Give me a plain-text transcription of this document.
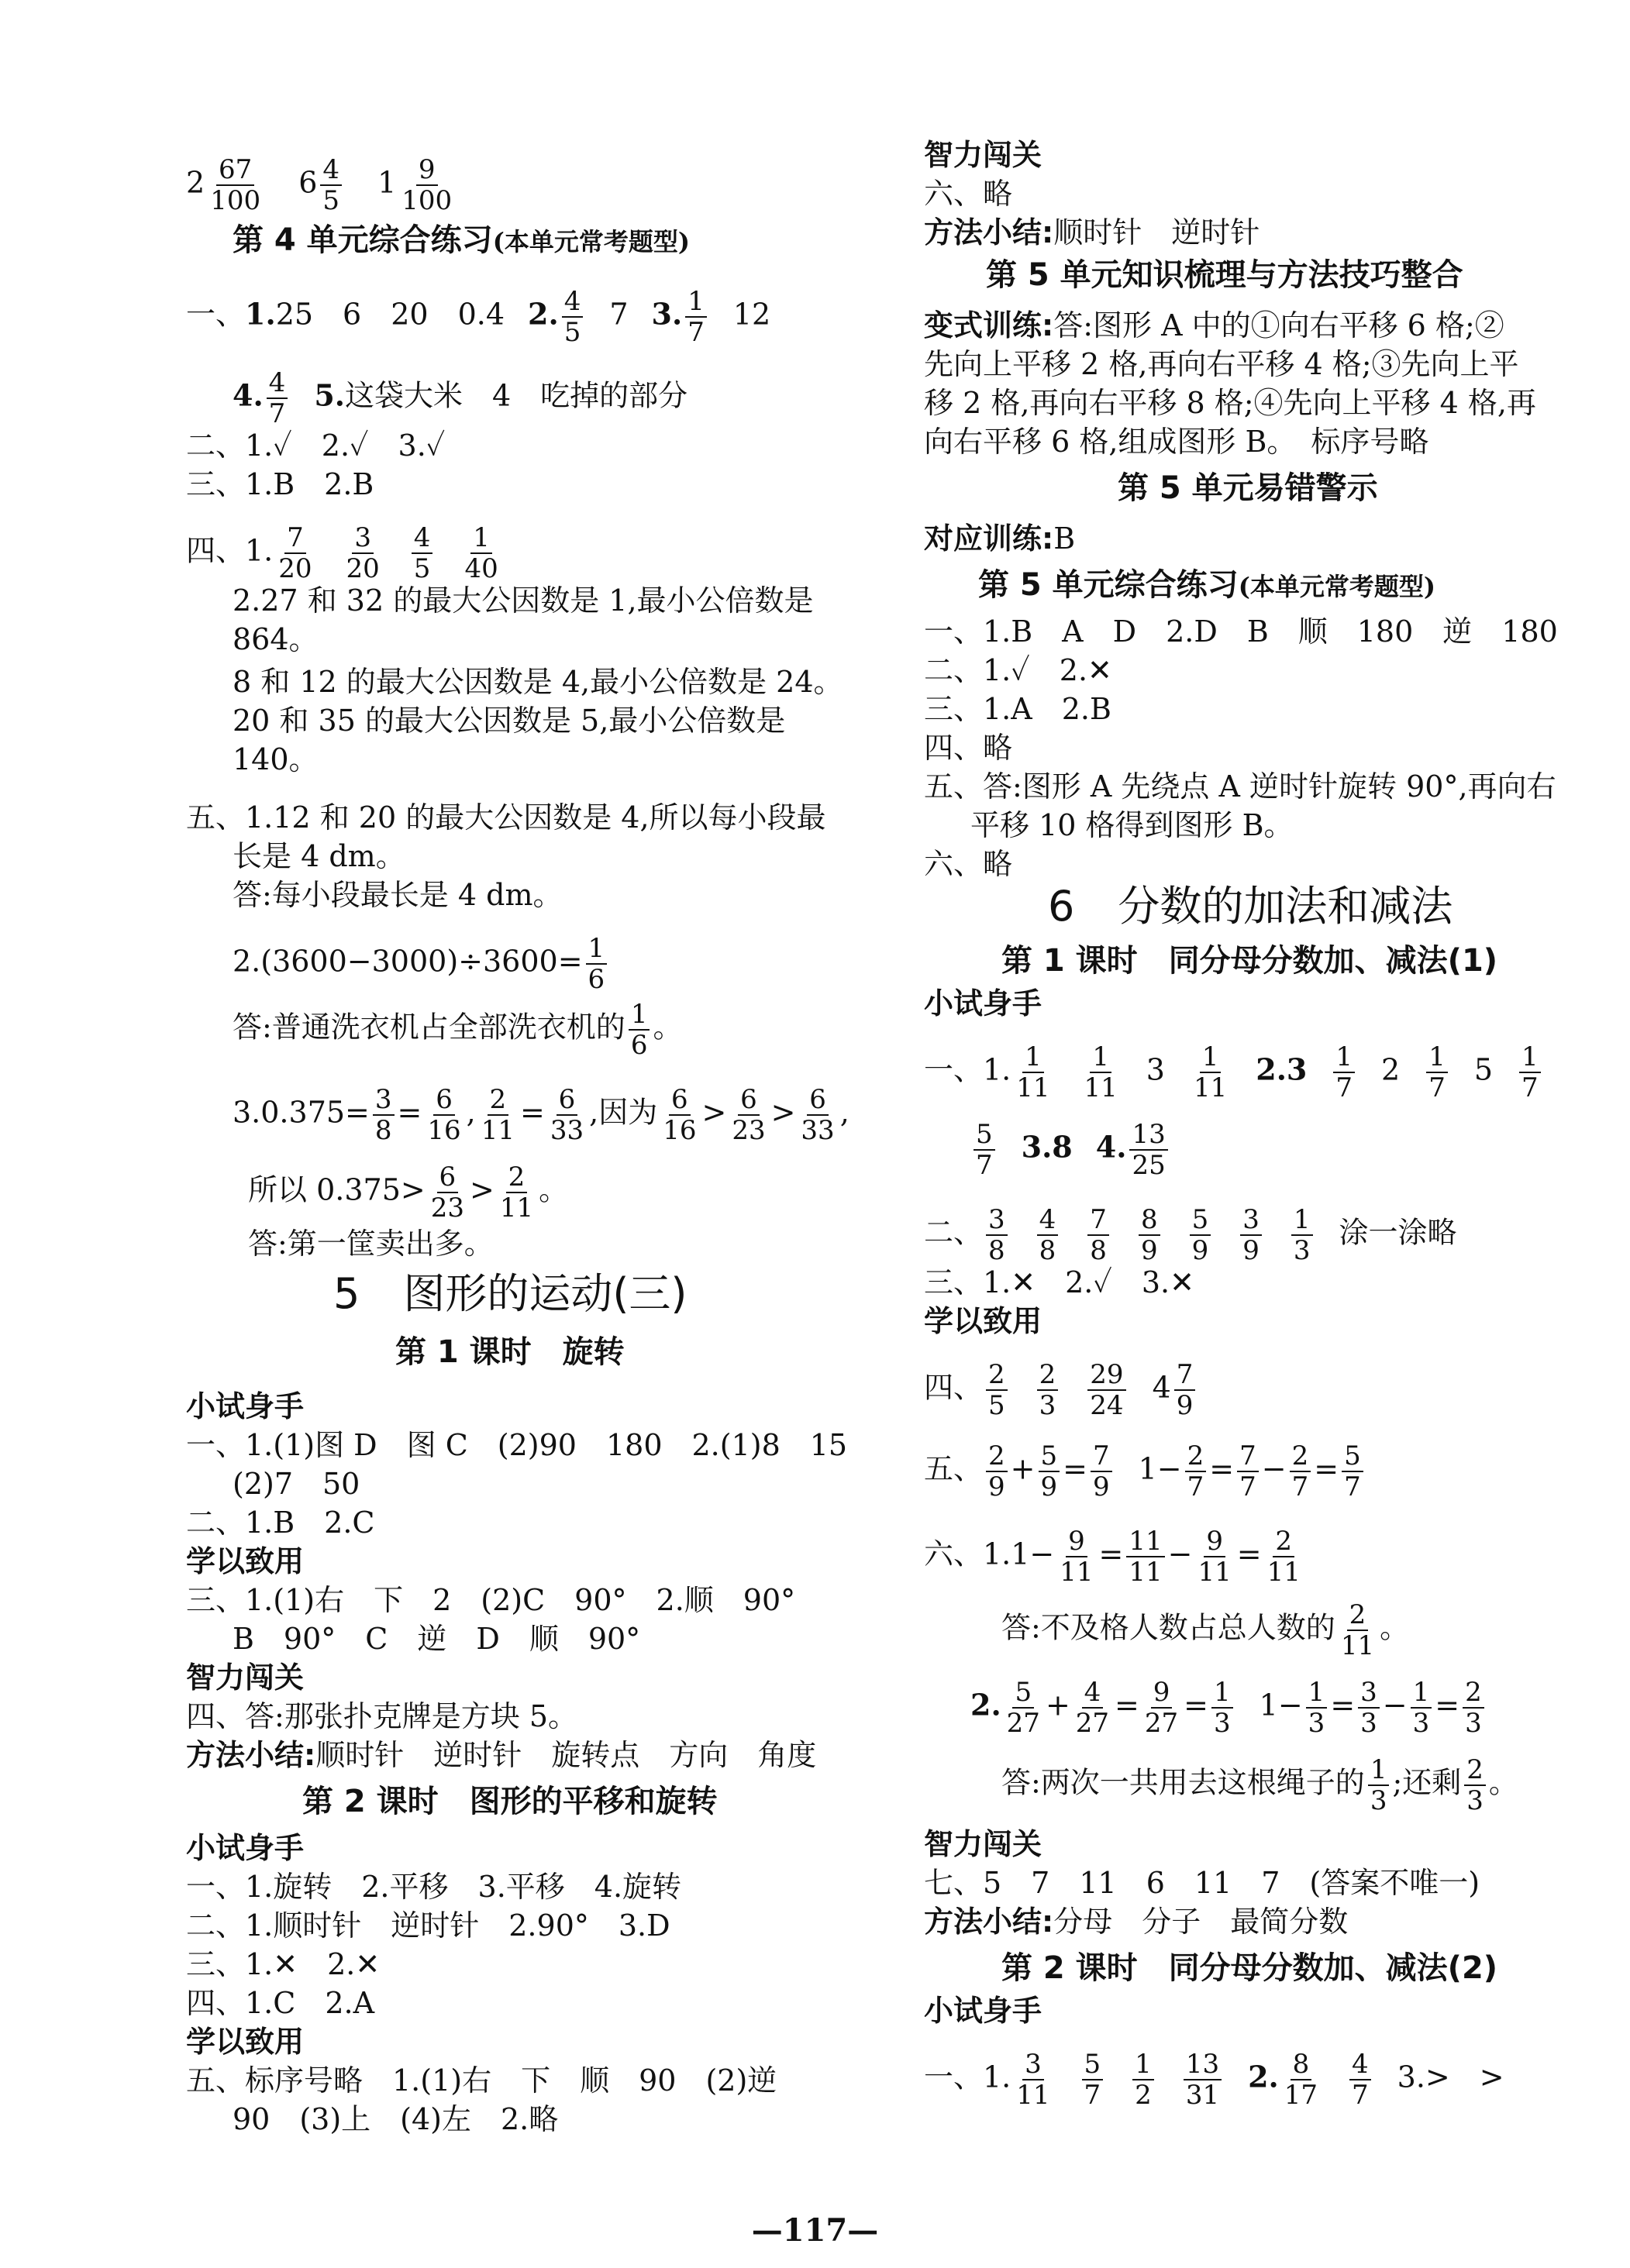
$2 \frac{67}{100} 6 \frac{4}{5} 1 \frac{9}{100}$
第 4 单元综合练习(本单元常考题型)
一、1.25　6　20　0.4 2. $\frac{4}{5} 7$ 3. $\frac{1}{7} 12$
4. $\frac{4}{7} 5$.这袋大米　4　吃掉的部分
二、1.✓　2.✓　3.✓
三、1.B　2.B
四、1. $\frac{7}{20} \frac{3}{20} \frac{4}{5} \frac{1}{40}$
2.27 和 32 的最大公因数是 1,最小公倍数是
864。
8 和 12 的最大公因数是 4,最小公倍数是 24。
20 和 35 的最大公因数是 5,最小公倍数是
140。
五、1.12 和 20 的最大公因数是 4,所以每小段最
长是 4 dm。
答:每小段最长是 4 dm。
$2.(3600-3000)\div 3600= \frac{1}{6}$
答:普通洗衣机占全部洗衣机的 $\frac{1}{6}$ 。
$3.0.375= \frac{3}{8} = \frac{6}{16}$ , $\frac{2}{11} = \frac{6}{33}$ ,因为 $\frac{6}{16} > \frac{6}{23} > \frac{6}{33}$ ,
所以 $0.375> \frac{6}{23} > \frac{2}{11}$ 。
答:第一筐卖出多。
5 图形的运动(三)
第 1 课时　旋转
小试身手
一、1.(1)图 D　图 C　(2)90　180　2.(1)8　15
(2)7　50
二、1.B　2.C
学以致用
三、1.(1)右　下　2　(2)C　90°　2.顺　90°
B　90°　C　逆　D　顺　90°
智力闯关
四、答:那张扑克牌是方块 5。
方法小结:顺时针　逆时针　旋转点　方向　角度
第 2 课时　图形的平移和旋转
小试身手
一、1.旋转　2.平移　3.平移　4.旋转
二、1.顺时针　逆时针　2.90°　3.D
三、1.✕　2.✕
四、1.C　2.A
学以致用
五、标序号略　1.(1)右　下　顺　90　(2)逆
90　(3)上　(4)左　2.略
智力闯关
六、略
方法小结:顺时针　逆时针
第 5 单元知识梳理与方法技巧整合
变式训练:答:图形 A 中的①向右平移 6 格;②
先向上平移 2 格,再向右平移 4 格;③先向上平
移 2 格,再向右平移 8 格;④先向上平移 4 格,再
向右平移 6 格,组成图形 B。　标序号略
第 5 单元易错警示
对应训练:B
第 5 单元综合练习(本单元常考题型)
一、1.B　A　D　2.D　B　顺　180　逆　180
二、1.✓　2.✕
三、1.A　2.B
四、略
五、答:图形 A 先绕点 A 逆时针旋转 90°,再向右
平移 10 格得到图形 B。
六、略
6 分数的加法和减法
第 1 课时　同分母分数加、减法(1)
小试身手
一、1. $\frac{1}{11} \frac{1}{11} 3 \frac{1}{11} 2.3 \frac{1}{7} 2 \frac{1}{7} 5 \frac{1}{7}$
$\frac{5}{7} 3.8$ 4. $\frac{13}{25}$
二、 $\frac{3}{8} \frac{4}{8} \frac{7}{8} \frac{8}{9} \frac{5}{9} \frac{3}{9} \frac{1}{3}$ 涂一涂略
三、1.✕　2.✓　3.✕
学以致用
四、 $\frac{2}{5} \frac{2}{3} \frac{29}{24} 4 \frac{7}{9}$
五、 $\frac{2}{9} + \frac{5}{9} = \frac{7}{9} 1- \frac{2}{7} = \frac{7}{7} - \frac{2}{7} = \frac{5}{7}$
六、$1.1- \frac{9}{11} = \frac{11}{11} - \frac{9}{11} = \frac{2}{11}$
答:不及格人数占总人数的 $\frac{2}{11}$ 。
2. $\frac{5}{27} + \frac{4}{27} = \frac{9}{27} = \frac{1}{3} 1- \frac{1}{3} = \frac{3}{3} - \frac{1}{3} = \frac{2}{3}$
答:两次一共用去这根绳子的 $\frac{1}{3}$ ;还剩 $\frac{2}{3}$ 。
智力闯关
七、5　7　11　6　11　7　(答案不唯一)
方法小结:分母　分子　最简分数
第 2 课时　同分母分数加、减法(2)
小试身手
一、1. $\frac{3}{11} \frac{5}{7} \frac{1}{2} \frac{13}{31} 2$. $\frac{8}{17} \frac{4}{7} 3.>$　>
—117—
